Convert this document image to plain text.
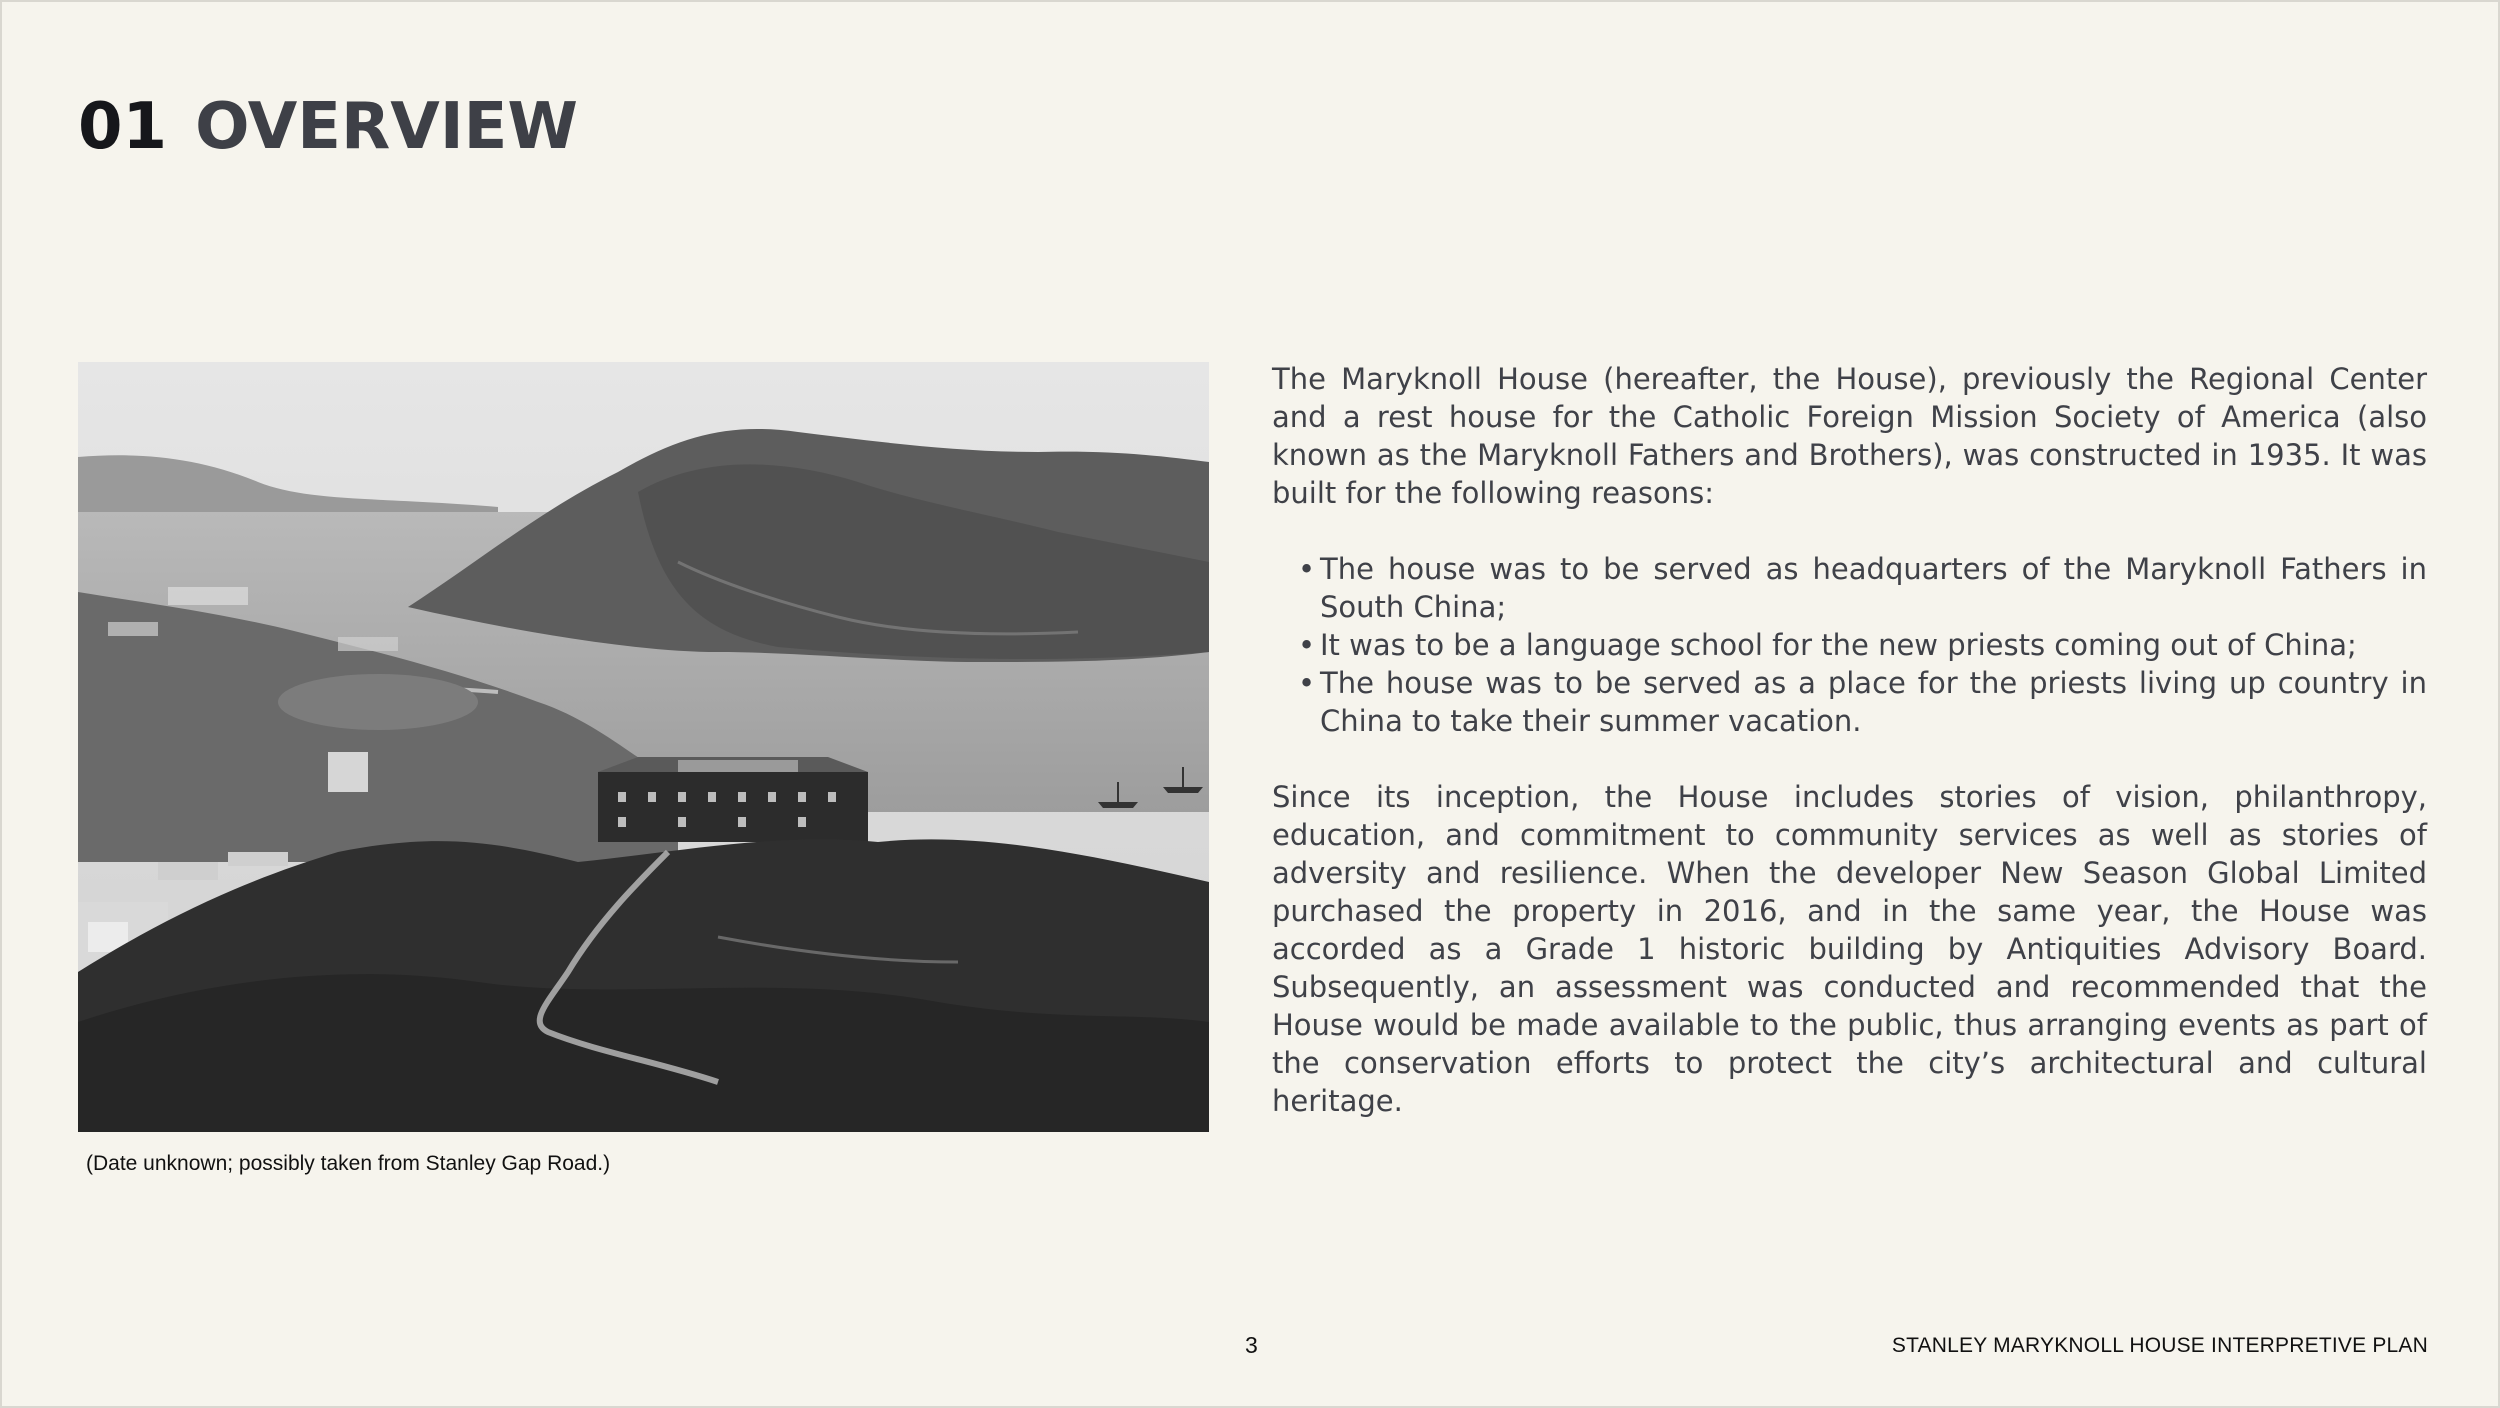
01 OVERVIEW
(Date unknown; possibly taken from Stanley Gap Road.)

The Maryknoll House (hereafter, the House), previously the Regional Center and a rest house for the Catholic Foreign Mission Society of America (also known as the Maryknoll Fathers and Brothers), was constructed in 1935. It was built for the following reasons:

• The house was to be served as headquarters of the Maryknoll Fathers in South China;
• It was to be a language school for the new priests coming out of China;
• The house was to be served as a place for the priests living up country in China to take their summer vacation.

Since its inception, the House includes stories of vision, philanthropy, education, and commitment to community services as well as stories of adversity and resilience. When the developer New Season Global Limited purchased the property in 2016, and in the same year, the House was accorded as a Grade 1 historic building by Antiquities Advisory Board. Subsequently, an assessment was conducted and recommended that the House would be made available to the public, thus arranging events as part of the conservation efforts to protect the city’s architectural and cultural heritage.

3	STANLEY MARYKNOLL HOUSE INTERPRETIVE PLAN
